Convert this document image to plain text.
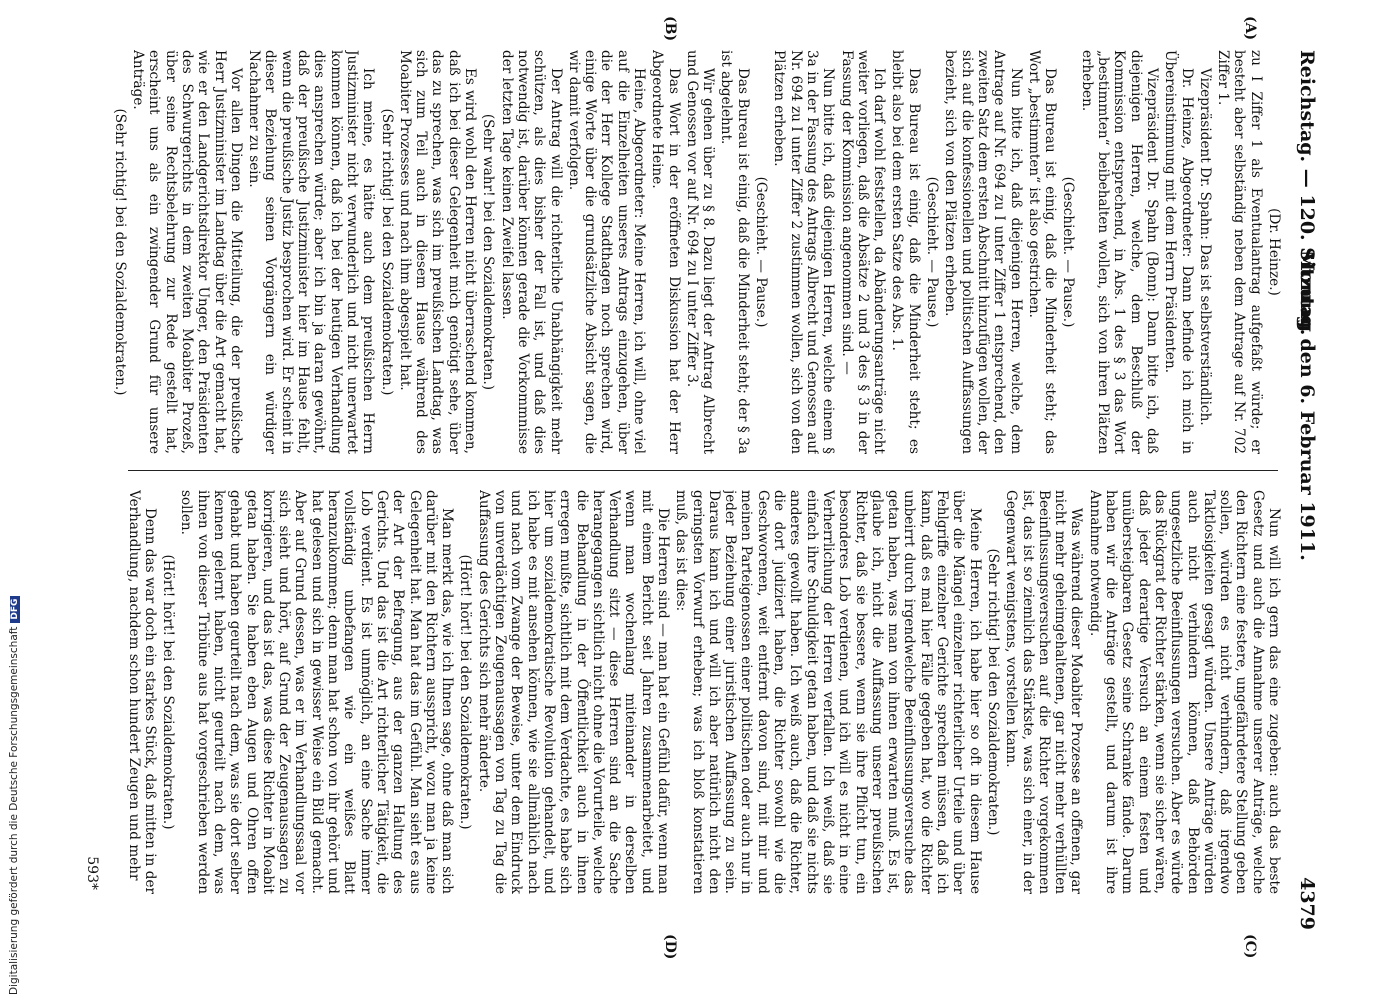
Reichstag. — 120. Sitzung.
Montag den 6. Februar 1911.
4379
(A)
(B)
(C)
(D)

(Dr. Heinze.)

zu I Ziffer 1 als Eventualantrag aufgefaßt würde; er besteht aber selbständig neben dem Antrage auf Nr. 702 Ziffer 1.

Vizepräsident Dr. Spahn: Das ist selbstverständlich.

Dr. Heinze, Abgeordneter: Dann befinde ich mich in Übereinstimmung mit dem Herrn Präsidenten.

Vizepräsident Dr. Spahn (Bonn): Dann bitte ich, daß diejenigen Herren, welche, dem Beschluß der Kommission entsprechend, in Abs. 1 des § 3 das Wort „bestimmten“ beibehalten wollen, sich von ihren Plätzen erheben.

(Geschieht. — Pause.)

Das Bureau ist einig, daß die Minderheit steht; das Wort „bestimmten“ ist also gestrichen.

Nun bitte ich, daß diejenigen Herren, welche, dem Antrage auf Nr. 694 zu I unter Ziffer 1 entsprechend, den zweiten Satz dem ersten Abschnitt hinzufügen wollen, der sich auf die konfessionellen und politischen Auffassungen bezieht, sich von den Plätzen erheben.

(Geschieht. — Pause.)

Das Bureau ist einig, daß die Minderheit steht; es bleibt also bei dem ersten Satze des Abs. 1.

Ich darf wohl feststellen, da Abänderungsanträge nicht weiter vorliegen, daß die Absätze 2 und 3 des § 3 in der Fassung der Kommission angenommen sind. —

Nun bitte ich, daß diejenigen Herren, welche einem § 3a in der Fassung des Antrags Albrecht und Genossen auf Nr. 694 zu I unter Ziffer 2 zustimmen wollen, sich von den Plätzen erheben.

(Geschieht. — Pause.)

Das Bureau ist einig, daß die Minderheit steht; der § 3a ist abgelehnt.

Wir gehen über zu § 8. Dazu liegt der Antrag Albrecht und Genossen vor auf Nr. 694 zu I unter Ziffer 3.

Das Wort in der eröffneten Diskussion hat der Herr Abgeordnete Heine.

Heine, Abgeordneter: Meine Herren, ich will, ohne viel auf die Einzelheiten unseres Antrags einzugehen, über die der Herr Kollege Stadthagen noch sprechen wird, einige Worte über die grundsätzliche Absicht sagen, die wir damit verfolgen.

Der Antrag will die richterliche Unabhängigkeit mehr schützen, als dies bisher der Fall ist, und daß dies notwendig ist, darüber können gerade die Vorkommnisse der letzten Tage keinen Zweifel lassen.

(Sehr wahr! bei den Sozialdemokraten.)

Es wird wohl den Herren nicht überraschend kommen, daß ich bei dieser Gelegenheit mich genötigt sehe, über das zu sprechen, was sich im preußischen Landtag, was sich zum Teil auch in diesem Hause während des Moabiter Prozesses und nach ihm abgespielt hat.

(Sehr richtig! bei den Sozialdemokraten.)

Ich meine, es hätte auch dem preußischen Herrn Justizminister nicht verwunderlich und nicht unerwartet kommen können, daß ich bei der heutigen Verhandlung dies ansprechen würde; aber ich bin ja daran gewöhnt, daß der preußische Justizminister hier im Hause fehlt, wenn die preußische Justiz besprochen wird. Er scheint in dieser Beziehung seinen Vorgängern ein würdiger Nachahmer zu sein.

Vor allen Dingen die Mitteilung, die der preußische Herr Justizminister im Landtag über die Art gemacht hat, wie er den Landgerichtsdirektor Unger, den Präsidenten des Schwurgerichts in dem zweiten Moabiter Prozeß, über seine Rechtsbelehrung zur Rede gestellt hat, erscheint uns als ein zwingender Grund für unsere Anträge.

(Sehr richtig! bei den Sozialdemokraten.)

Nun will ich gern das eine zugeben: auch das beste Gesetz und auch die Annahme unserer Anträge, welche den Richtern eine festere, ungefährdetere Stellung geben sollen, würden es nicht verhindern, daß irgendwo Taktlosigkeiten gesagt würden. Unsere Anträge würden auch nicht verhindern können, daß Behörden ungesetzliche Beeinflussungen versuchen. Aber es würde das Rückgrat der Richter stärken, wenn sie sicher wären, daß jeder derartige Versuch an einem festen und unübersteigbaren Gesetz seine Schranke fände. Darum haben wir die Anträge gestellt, und darum ist ihre Annahme notwendig.

Was während dieser Moabiter Prozesse an offenen, gar nicht mehr geheimgehaltenen, gar nicht mehr verhüllten Beeinflussungsversuchen auf die Richter vorgekommen ist, das ist so ziemlich das Stärkste, was sich einer, in der Gegenwart wenigstens, vorstellen kann.

(Sehr richtig! bei den Sozialdemokraten.)

Meine Herren, ich habe hier so oft in diesem Hause über die Mängel einzelner richterlicher Urteile und über Fehlgriffe einzelner Gerichte sprechen müssen, daß ich kann, daß es mal hier Fälle gegeben hat, wo die Richter unbeirrt durch irgendwelche Beeinflussungsversuche das getan haben, was man von ihnen erwarten muß. Es ist, glaube ich, nicht die Auffassung unserer preußischen Richter, daß sie bessere, wenn sie ihre Pflicht tun, ein besonderes Lob verdienen, und ich will es nicht in eine Verherrlichung der Herren verfallen. Ich weiß, daß sie einfach ihre Schuldigkeit getan haben, und daß sie nichts anderes gewollt haben. Ich weiß auch, daß die Richter, die dort judiziert haben, die Richter sowohl wie die Geschworenen, weit entfernt davon sind, mit mir und meinen Parteigenossen einer politischen oder auch nur in jeder Beziehung einer juristischen Auffassung zu sein. Daraus kann ich und will ich aber natürlich nicht den geringsten Vorwurf erheben; was ich bloß konstatieren muß, das ist dies:

Die Herren sind — man hat ein Gefühl dafür, wenn man mit einem Bericht seit Jahren zusammenarbeitet, und wenn man wochenlang miteinander in derselben Verhandlung sitzt — diese Herren sind an die Sache herangegangen sichtlich nicht ohne die Vorurteile, welche die Behandlung in der Öffentlichkeit auch in ihnen erregen mußte, sichtlich mit dem Verdachte, es habe sich hier um sozialdemokratische Revolution gehandelt, und ich habe es mit ansehen können, wie sie allmählich nach und nach vom Zwange der Beweise, unter dem Eindruck von unverdächtigen Zeugenaussagen von Tag zu Tag die Auffassung des Gerichts sich mehr änderte.

(Hört! hört! bei den Sozialdemokraten.)

Man merkt das, wie ich Ihnen sage, ohne daß man sich darüber mit den Richtern ausspricht, wozu man ja keine Gelegenheit hat. Man hat das im Gefühl. Man sieht es aus der Art der Befragung, aus der ganzen Haltung des Gerichts. Und das ist die Art richterlicher Tätigkeit, die Lob verdient. Es ist unmöglich, an eine Sache immer vollständig unbefangen wie ein weißes Blatt heranzukommen; denn man hat schon von ihr gehört und hat gelesen und sich in gewisser Weise ein Bild gemacht. Aber auf Grund dessen, was er im Verhandlungssaal vor sich sieht und hört, auf Grund der Zeugenaussagen zu korrigieren, und das ist das, was diese Richter in Moabit getan haben. Sie haben eben Augen und Ohren offen gehabt und haben geurteilt nach dem, was sie dort selber kennen gelernt haben, nicht geurteilt nach dem, was ihnen von dieser Tribüne aus hat vorgeschrieben werden sollen.

(Hört! hört! bei den Sozialdemokraten.)

Denn das war doch ein starkes Stück, daß mitten in der Verhandlung, nachdem schon hundert Zeugen und mehr

593*
Digitalisierung gefördert durch die Deutsche ForschungsgemeinschaftDFG
